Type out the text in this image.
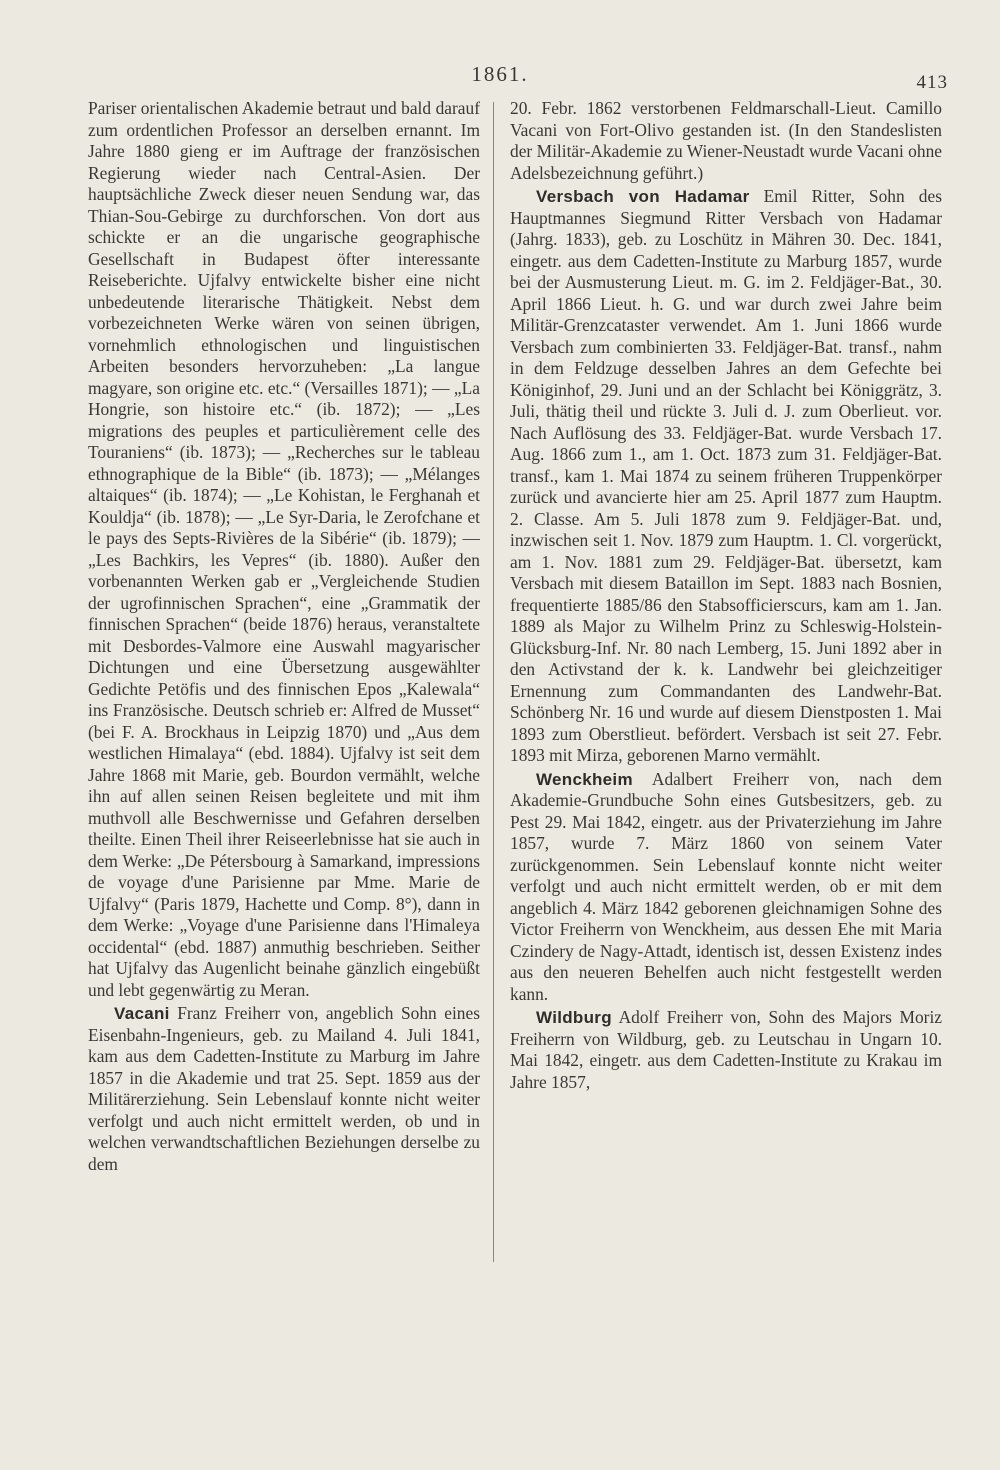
1861.	413

Pariser orientalischen Akademie betraut und bald darauf zum ordentlichen Professor an derselben ernannt. Im Jahre 1880 gieng er im Auftrage der französischen Regierung wieder nach Central-Asien. Der hauptsächliche Zweck dieser neuen Sendung war, das Thian-Sou-Gebirge zu durchforschen. Von dort aus schickte er an die ungarische geographische Gesellschaft in Budapest öfter interessante Reiseberichte. Ujfalvy entwickelte bisher eine nicht unbedeutende literarische Thätigkeit. Nebst dem vorbezeichneten Werke wären von seinen übrigen, vornehmlich ethnologischen und linguistischen Arbeiten besonders hervorzuheben: „La langue magyare, son origine etc. etc.“ (Versailles 1871); — „La Hongrie, son histoire etc.“ (ib. 1872); — „Les migrations des peuples et particulièrement celle des Touraniens“ (ib. 1873); — „Recherches sur le tableau ethnographique de la Bible“ (ib. 1873); — „Mélanges altaiques“ (ib. 1874); — „Le Kohistan, le Ferghanah et Kouldja“ (ib. 1878); — „Le Syr-Daria, le Zerofchane et le pays des Septs-Rivières de la Sibérie“ (ib. 1879); — „Les Bachkirs, les Vepres“ (ib. 1880). Außer den vorbenannten Werken gab er „Vergleichende Studien der ugrofinnischen Sprachen“, eine „Grammatik der finnischen Sprachen“ (beide 1876) heraus, veranstaltete mit Desbordes-Valmore eine Auswahl magyarischer Dichtungen und eine Übersetzung ausgewählter Gedichte Petöfis und des finnischen Epos „Kalewala“ ins Französische. Deutsch schrieb er: Alfred de Musset“ (bei F. A. Brockhaus in Leipzig 1870) und „Aus dem westlichen Himalaya“ (ebd. 1884). Ujfalvy ist seit dem Jahre 1868 mit Marie, geb. Bourdon vermählt, welche ihn auf allen seinen Reisen begleitete und mit ihm muthvoll alle Beschwernisse und Gefahren derselben theilte. Einen Theil ihrer Reiseerlebnisse hat sie auch in dem Werke: „De Pétersbourg à Samarkand, impressions de voyage d'une Parisienne par Mme. Marie de Ujfalvy“ (Paris 1879, Hachette und Comp. 8°), dann in dem Werke: „Voyage d'une Parisienne dans l'Himaleya occidental“ (ebd. 1887) anmuthig beschrieben. Seither hat Ujfalvy das Augenlicht beinahe gänzlich eingebüßt und lebt gegenwärtig zu Meran.

Vacani Franz Freiherr von, angeblich Sohn eines Eisenbahn-Ingenieurs, geb. zu Mailand 4. Juli 1841, kam aus dem Cadetten-Institute zu Marburg im Jahre 1857 in die Akademie und trat 25. Sept. 1859 aus der Militärerziehung. Sein Lebenslauf konnte nicht weiter verfolgt und auch nicht ermittelt werden, ob und in welchen verwandtschaftlichen Beziehungen derselbe zu dem

20. Febr. 1862 verstorbenen Feldmarschall-Lieut. Camillo Vacani von Fort-Olivo gestanden ist. (In den Standeslisten der Militär-Akademie zu Wiener-Neustadt wurde Vacani ohne Adelsbezeichnung geführt.)

Versbach von Hadamar Emil Ritter, Sohn des Hauptmannes Siegmund Ritter Versbach von Hadamar (Jahrg. 1833), geb. zu Loschütz in Mähren 30. Dec. 1841, eingetr. aus dem Cadetten-Institute zu Marburg 1857, wurde bei der Ausmusterung Lieut. m. G. im 2. Feldjäger-Bat., 30. April 1866 Lieut. h. G. und war durch zwei Jahre beim Militär-Grenzcataster verwendet. Am 1. Juni 1866 wurde Versbach zum combinierten 33. Feldjäger-Bat. transf., nahm in dem Feldzuge desselben Jahres an dem Gefechte bei Königinhof, 29. Juni und an der Schlacht bei Königgrätz, 3. Juli, thätig theil und rückte 3. Juli d. J. zum Oberlieut. vor. Nach Auflösung des 33. Feldjäger-Bat. wurde Versbach 17. Aug. 1866 zum 1., am 1. Oct. 1873 zum 31. Feldjäger-Bat. transf., kam 1. Mai 1874 zu seinem früheren Truppenkörper zurück und avancierte hier am 25. April 1877 zum Hauptm. 2. Classe. Am 5. Juli 1878 zum 9. Feldjäger-Bat. und, inzwischen seit 1. Nov. 1879 zum Hauptm. 1. Cl. vorgerückt, am 1. Nov. 1881 zum 29. Feldjäger-Bat. übersetzt, kam Versbach mit diesem Bataillon im Sept. 1883 nach Bosnien, frequentierte 1885/86 den Stabsofficierscurs, kam am 1. Jan. 1889 als Major zu Wilhelm Prinz zu Schleswig-Holstein-Glücksburg-Inf. Nr. 80 nach Lemberg, 15. Juni 1892 aber in den Activstand der k. k. Landwehr bei gleichzeitiger Ernennung zum Commandanten des Landwehr-Bat. Schönberg Nr. 16 und wurde auf diesem Dienstposten 1. Mai 1893 zum Oberstlieut. befördert. Versbach ist seit 27. Febr. 1893 mit Mirza, geborenen Marno vermählt.

Wenckheim Adalbert Freiherr von, nach dem Akademie-Grundbuche Sohn eines Gutsbesitzers, geb. zu Pest 29. Mai 1842, eingetr. aus der Privaterziehung im Jahre 1857, wurde 7. März 1860 von seinem Vater zurückgenommen. Sein Lebenslauf konnte nicht weiter verfolgt und auch nicht ermittelt werden, ob er mit dem angeblich 4. März 1842 geborenen gleichnamigen Sohne des Victor Freiherrn von Wenckheim, aus dessen Ehe mit Maria Czindery de Nagy-Attadt, identisch ist, dessen Existenz indes aus den neueren Behelfen auch nicht festgestellt werden kann.

Wildburg Adolf Freiherr von, Sohn des Majors Moriz Freiherrn von Wildburg, geb. zu Leutschau in Ungarn 10. Mai 1842, eingetr. aus dem Cadetten-Institute zu Krakau im Jahre 1857,
